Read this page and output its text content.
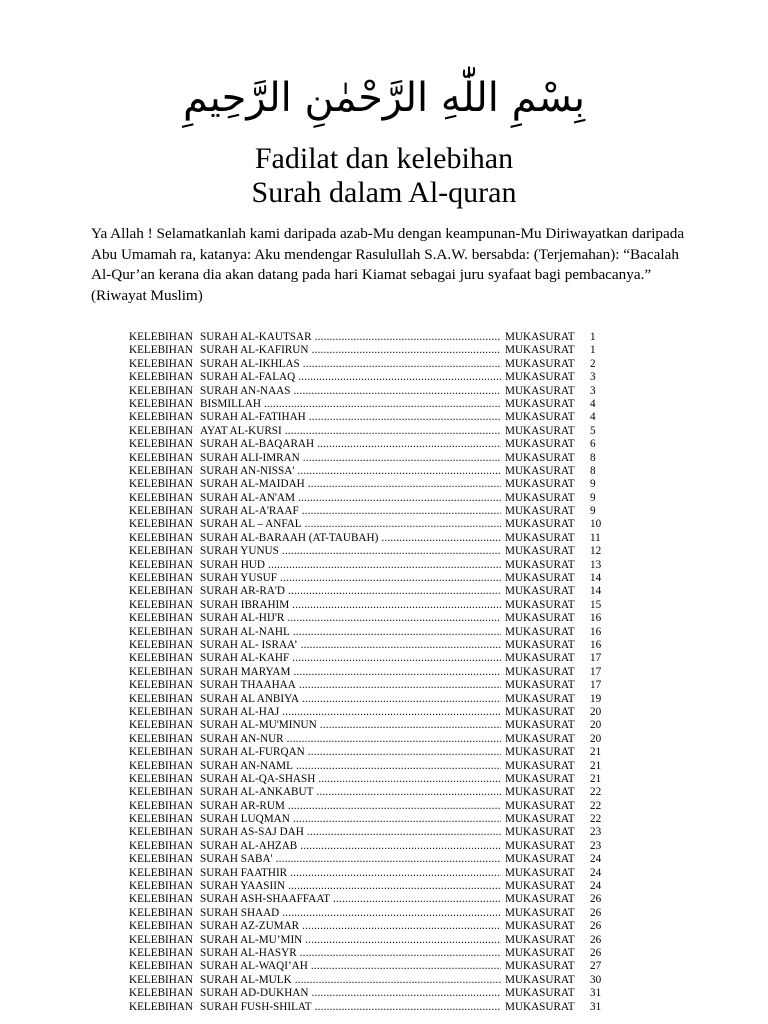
بِسْمِ اللّٰهِ الرَّحْمٰنِ الرَّحِيمِ
Fadilat dan kelebihan
Surah dalam Al-quran
Ya Allah ! Selamatkanlah kami daripada azab-Mu dengan keampunan-Mu Diriwayatkan daripada Abu Umamah ra, katanya: Aku mendengar Rasulullah S.A.W. bersabda: (Terjemahan): “Bacalah Al-Qur’an kerana dia akan datang pada hari Kiamat sebagai juru syafaat bagi pembacanya.” (Riwayat Muslim)
KELEBIHAN SURAH AL-KAUTSAR .....	MUKASURAT	1
KELEBIHAN SURAH AL-KAFIRUN .....	MUKASURAT	1
KELEBIHAN SURAH AL-IKHLAS .....	MUKASURAT	2
KELEBIHAN SURAH AL-FALAQ .....	MUKASURAT	3
KELEBIHAN SURAH AN-NAAS .....	MUKASURAT	3
KELEBIHAN BISMILLAH .....	MUKASURAT	4
KELEBIHAN SURAH AL-FATIHAH .....	MUKASURAT	4
KELEBIHAN AYAT AL-KURSI .....	MUKASURAT	5
KELEBIHAN SURAH AL-BAQARAH .....	MUKASURAT	6
KELEBIHAN SURAH ALI-IMRAN .....	MUKASURAT	8
KELEBIHAN SURAH AN-NISSA' .....	MUKASURAT	8
KELEBIHAN SURAH AL-MAIDAH .....	MUKASURAT	9
KELEBIHAN SURAH AL-AN'AM .....	MUKASURAT	9
KELEBIHAN SURAH AL-A'RAAF .....	MUKASURAT	9
KELEBIHAN SURAH AL – ANFAL .....	MUKASURAT	10
KELEBIHAN SURAH AL-BARAAH (AT-TAUBAH) .....	MUKASURAT	11
KELEBIHAN SURAH YUNUS .....	MUKASURAT	12
KELEBIHAN SURAH HUD .....	MUKASURAT	13
KELEBIHAN SURAH YUSUF .....	MUKASURAT	14
KELEBIHAN SURAH AR-RA'D .....	MUKASURAT	14
KELEBIHAN SURAH IBRAHIM .....	MUKASURAT	15
KELEBIHAN SURAH AL-HIJ'R .....	MUKASURAT	16
KELEBIHAN SURAH AL-NAHL .....	MUKASURAT	16
KELEBIHAN SURAH AL- ISRAA’ .....	MUKASURAT	16
KELEBIHAN SURAH AL-KAHF .....	MUKASURAT	17
KELEBIHAN SURAH MARYAM .....	MUKASURAT	17
KELEBIHAN SURAH THAAHAA .....	MUKASURAT	17
KELEBIHAN SURAH AL ANBIYA .....	MUKASURAT	19
KELEBIHAN SURAH AL-HAJ .....	MUKASURAT	20
KELEBIHAN SURAH AL-MU'MINUN .....	MUKASURAT	20
KELEBIHAN SURAH AN-NUR .....	MUKASURAT	20
KELEBIHAN SURAH AL-FURQAN .....	MUKASURAT	21
KELEBIHAN SURAH AN-NAML .....	MUKASURAT	21
KELEBIHAN SURAH AL-QA-SHASH .....	MUKASURAT	21
KELEBIHAN SURAH AL-ANKABUT .....	MUKASURAT	22
KELEBIHAN SURAH AR-RUM .....	MUKASURAT	22
KELEBIHAN SURAH LUQMAN .....	MUKASURAT	22
KELEBIHAN SURAH AS-SAJ DAH .....	MUKASURAT	23
KELEBIHAN SURAH AL-AHZAB .....	MUKASURAT	23
KELEBIHAN SURAH SABA' .....	MUKASURAT	24
KELEBIHAN SURAH FAATHIR .....	MUKASURAT	24
KELEBIHAN SURAH YAASIIN .....	MUKASURAT	24
KELEBIHAN SURAH ASH-SHAAFFAAT .....	MUKASURAT	26
KELEBIHAN SURAH SHAAD .....	MUKASURAT	26
KELEBIHAN SURAH AZ-ZUMAR .....	MUKASURAT	26
KELEBIHAN SURAH AL-MU’MIN .....	MUKASURAT	26
KELEBIHAN SURAH AL-HASYR .....	MUKASURAT	26
KELEBIHAN SURAH AL-WAQI’AH .....	MUKASURAT	27
KELEBIHAN SURAH AL-MULK .....	MUKASURAT	30
KELEBIHAN SURAH AD-DUKHAN .....	MUKASURAT	31
KELEBIHAN SURAH FUSH-SHILAT .....	MUKASURAT	31
